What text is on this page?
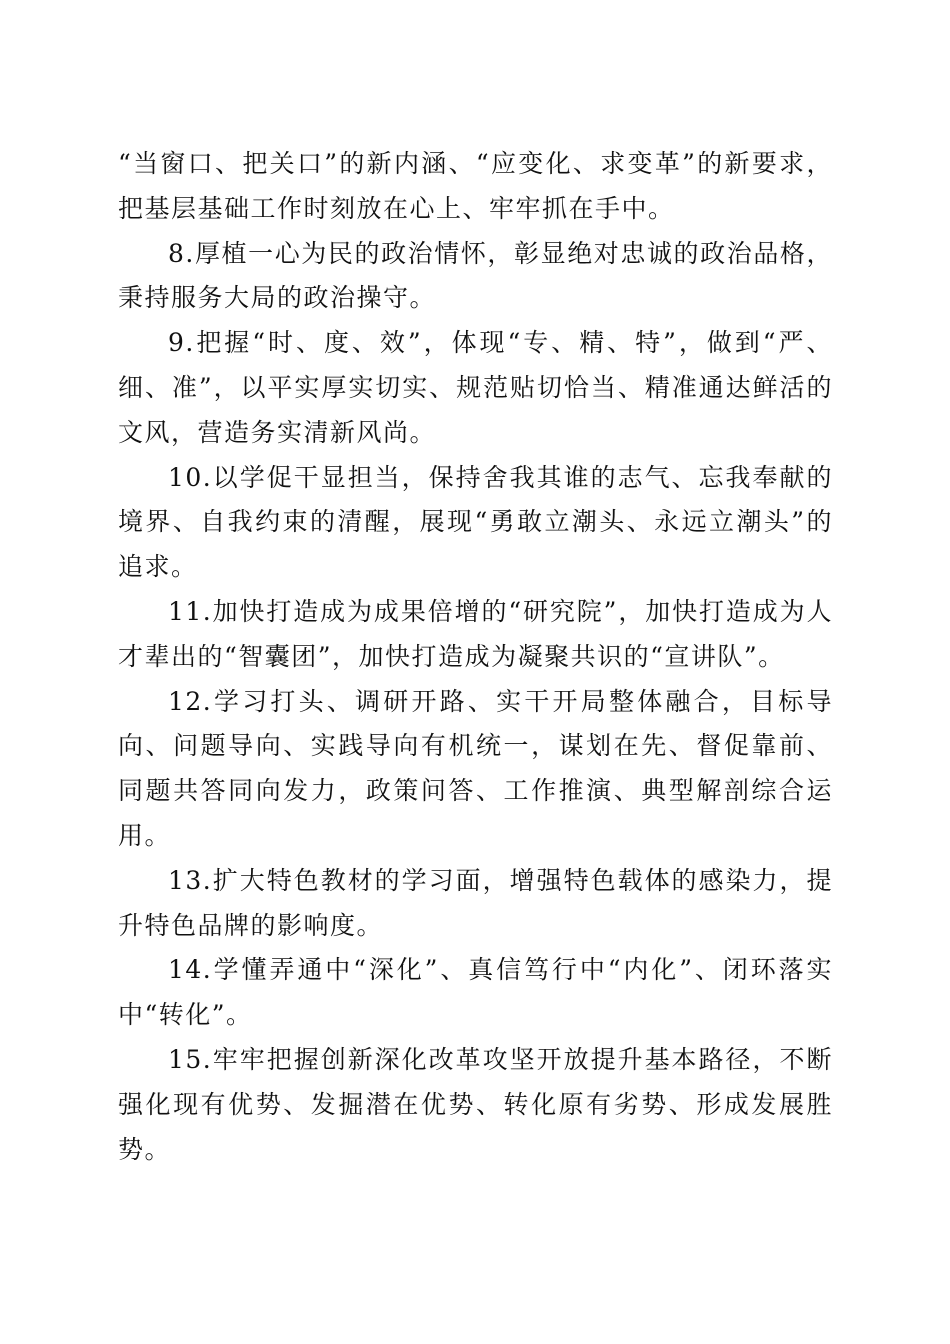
“当窗口、把关口”的新内涵、“应变化、求变革”的新要求，把基层基础工作时刻放在心上、牢牢抓在手中。

8.厚植一心为民的政治情怀，彰显绝对忠诚的政治品格，秉持服务大局的政治操守。

9.把握“时、度、效”，体现“专、精、特”，做到“严、细、准”，以平实厚实切实、规范贴切恰当、精准通达鲜活的文风，营造务实清新风尚。

10.以学促干显担当，保持舍我其谁的志气、忘我奉献的境界、自我约束的清醒，展现“勇敢立潮头、永远立潮头”的追求。

11.加快打造成为成果倍增的“研究院”，加快打造成为人才辈出的“智囊团”，加快打造成为凝聚共识的“宣讲队”。

12.学习打头、调研开路、实干开局整体融合，目标导向、问题导向、实践导向有机统一，谋划在先、督促靠前、同题共答同向发力，政策问答、工作推演、典型解剖综合运用。

13.扩大特色教材的学习面，增强特色载体的感染力，提升特色品牌的影响度。

14.学懂弄通中“深化”、真信笃行中“内化”、闭环落实中“转化”。

15.牢牢把握创新深化改革攻坚开放提升基本路径，不断强化现有优势、发掘潜在优势、转化原有劣势、形成发展胜势。
